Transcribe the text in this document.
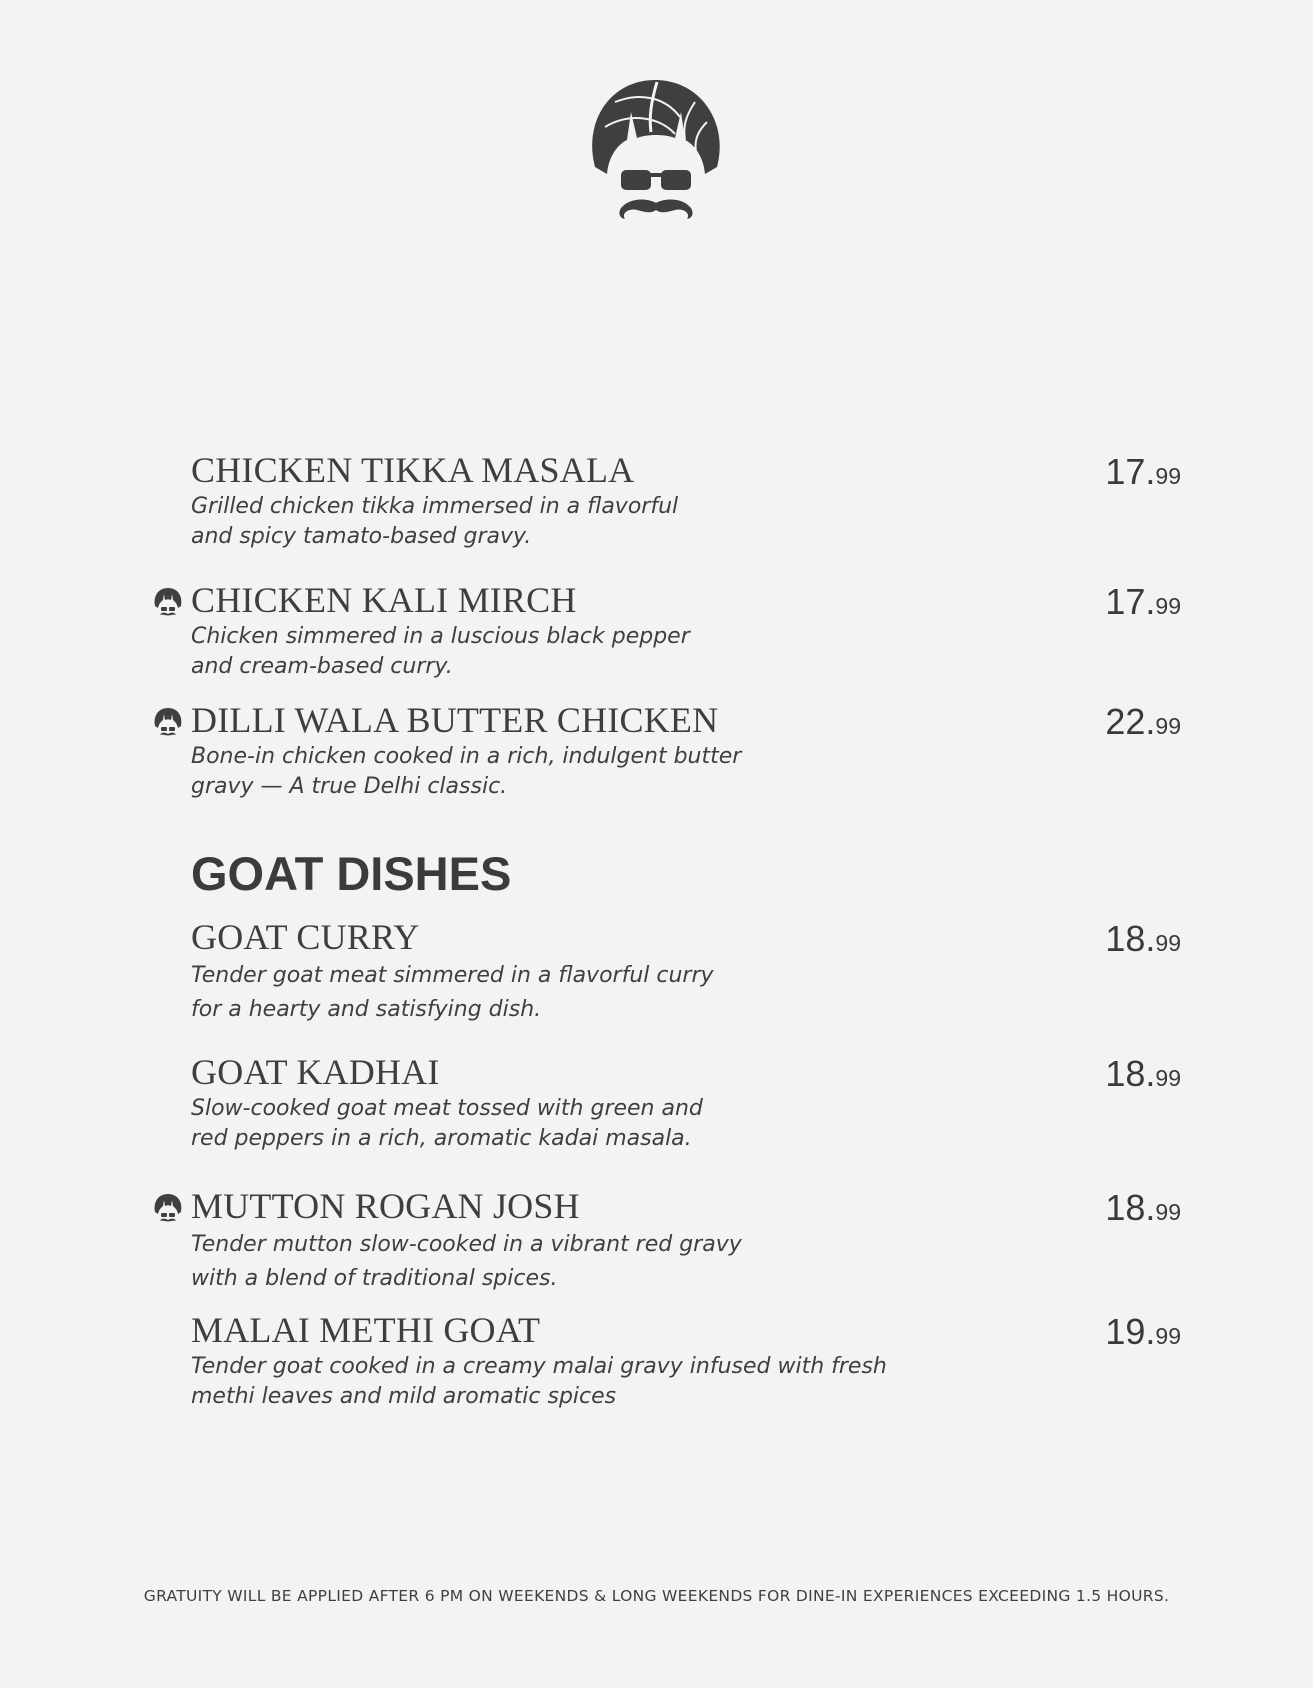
CHICKEN TIKKA MASALA
Grilled chicken tikka immersed in a flavorful
and spicy tamato-based gravy.
17.99
CHICKEN KALI MIRCH
Chicken simmered in a luscious black pepper
and cream-based curry.
17.99
DILLI WALA BUTTER CHICKEN
Bone-in chicken cooked in a rich, indulgent butter
gravy — A true Delhi classic.
22.99
GOAT DISHES
GOAT CURRY
Tender goat meat simmered in a flavorful curry
for a hearty and satisfying dish.
18.99
GOAT KADHAI
Slow-cooked goat meat tossed with green and
red peppers in a rich, aromatic kadai masala.
18.99
MUTTON ROGAN JOSH
Tender mutton slow-cooked in a vibrant red gravy
with a blend of traditional spices.
18.99
MALAI METHI GOAT
Tender goat cooked in a creamy malai gravy infused with fresh
methi leaves and mild aromatic spices
19.99
GRATUITY WILL BE APPLIED AFTER 6 PM ON WEEKENDS & LONG WEEKENDS FOR DINE-IN EXPERIENCES EXCEEDING 1.5 HOURS.
